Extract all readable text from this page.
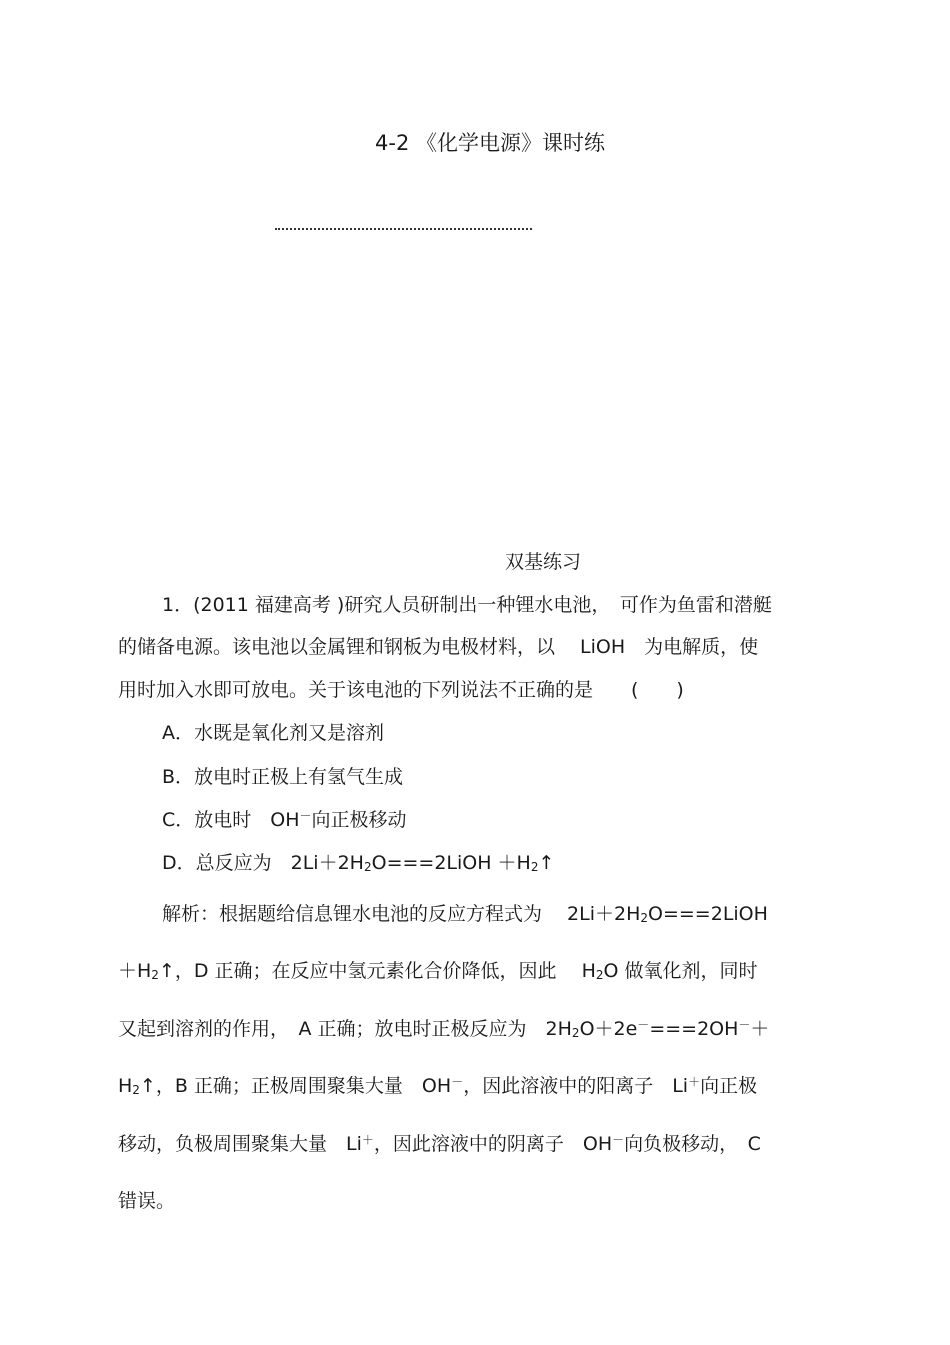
4-2 《化学电源》课时练
双基练习
1．(2011 福建高考 )研究人员研制出一种锂水电池，　可作为鱼雷和潜艇
的储备电源。该电池以金属锂和钢板为电极材料，以　 LiOH　为电解质，使
用时加入水即可放电。关于该电池的下列说法不正确的是　　(　　)
A．水既是氧化剂又是溶剂
B．放电时正极上有氢气生成
C．放电时　OH－向正极移动
D．总反应为　$2Li+2H_2O===2LiOH$ $+H_2↑$
解析：根据题给信息锂水电池的反应方程式为　 $2Li+2H_2O===2LiOH$
$+H_2↑$，D 正确；在反应中氢元素化合价降低，因此　 $H_2O$ 做氧化剂，同时
又起到溶剂的作用，　A 正确；放电时正极反应为　$2H_2O+2e^-===2OH^-+$
$H_2↑$，B 正确；正极周围聚集大量　OH－，因此溶液中的阳离子　Li＋向正极
移动，负极周围聚集大量　Li＋，因此溶液中的阴离子　OH－向负极移动，　C
错误。
